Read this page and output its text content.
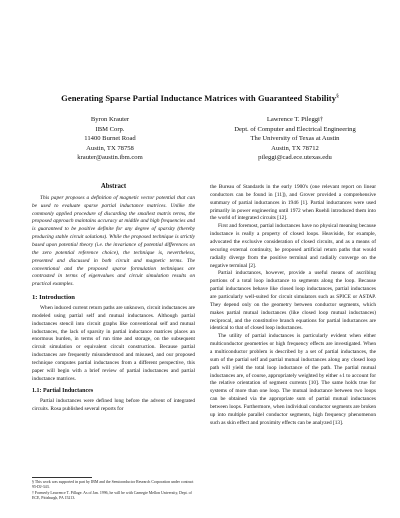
Generating Sparse Partial Inductance Matrices with Guaranteed Stability§
Byron Krauter
IBM Corp.
11400 Burnet Road
Austin, TX 78758
krauter@austin.ibm.com
Lawrence T. Pileggi†
Dept. of Computer and Electrical Engineering
The University of Texas at Austin
Austin, TX 78712
pileggi@cad.ece.utexas.edu
Abstract

This paper proposes a definition of magnetic vector potential that can be used to evaluate sparse partial inductance matrices. Unlike the commonly applied procedure of discarding the smallest matrix terms, the proposed approach maintains accuracy at middle and high frequencies and is guaranteed to be positive definite for any degree of sparsity (thereby producing stable circuit solutions). While the proposed technique is strictly based upon potential theory (i.e. the invariance of potential differences on the zero potential reference choice), the technique is, nevertheless, presented and discussed in both circuit and magnetic terms. The conventional and the proposed sparse formulation techniques are contrasted in terms of eigenvalues and circuit simulation results on practical examples.

1: Introduction

When induced current return paths are unknown, circuit inductances are modeled using partial self and mutual inductances. Although partial inductances stencil into circuit graphs like conventional self and mutual inductances, the lack of sparsity in partial inductance matrices places an enormous burden, in terms of run time and storage, on the subsequent circuit simulation or equivalent circuit construction. Because partial inductances are frequently misunderstood and misused, and our proposed technique computes partial inductances from a different perspective, this paper will begin with a brief review of partial inductances and partial inductance matrices.

1.1: Partial Inductances

Partial inductances were defined long before the advent of integrated circuits. Rosa published several reports for

the Bureau of Standards in the early 1900's (one relevant report on linear conductors can be found in [11]), and Grover provided a comprehensive summary of partial inductances in 1946 [1]. Partial inductances were used primarily in power engineering until 1972 when Ruehli introduced them into the world of integrated circuits [12].

First and foremost, partial inductances have no physical meaning because inductance is really a property of closed loops. Heaviside, for example, advocated the exclusive consideration of closed circuits, and as a means of securing external continuity, he proposed artificial return paths that would radially diverge from the positive terminal and radially converge on the negative terminal [2].

Partial inductances, however, provide a useful means of ascribing portions of a total loop inductance to segments along the loop. Because partial inductances behave like closed loop inductances, partial inductances are particularly well-suited for circuit simulators such as SPICE or ASTAP. They depend only on the geometry between conductor segments, which makes partial mutual inductances (like closed loop mutual inductances) reciprocal, and the constitutive branch equations for partial inductances are identical to that of closed loop inductances.

The utility of partial inductances is particularly evident when either multiconductor geometries or high frequency effects are investigated. When a multiconductor problem is described by a set of partial inductances, the sum of the partial self and partial mutual inductances along any closed loop path will yield the total loop inductance of the path. The partial mutual inductances are, of course, appropriately weighted by either ±1 to account for the relative orientation of segment currents [10]. The same holds true for systems of more than one loop. The mutual inductance between two loops can be obtained via the appropriate sum of partial mutual inductances between loops. Furthermore, when individual conductor segments are broken up into multiple parallel conductor segments, high frequency phenomenon such as skin effect and proximity effects can be analyzed [13].

§ This work was supported in part by IBM and the Semiconductor Research Corporation under contract 95-DJ-343.
† Formerly Lawrence T. Pillage. As of Jan. 1996, he will be with Carnegie Mellon University, Dept. of ECE, Pittsburgh, PA 15213.
